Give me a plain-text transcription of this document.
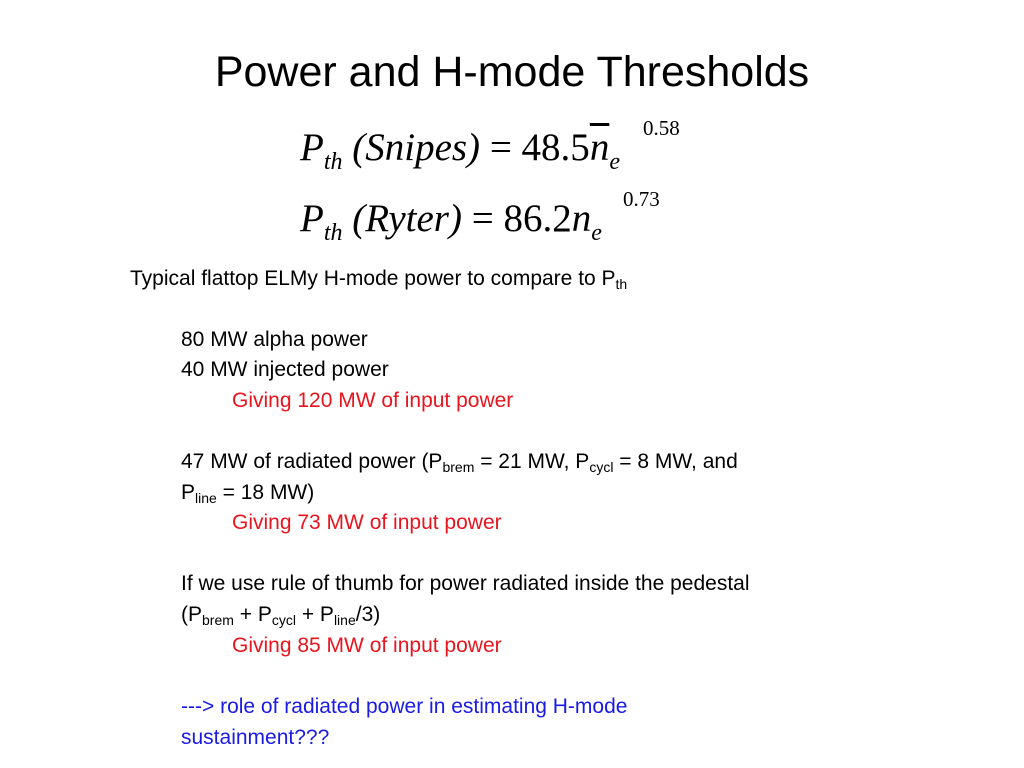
Power and H-mode Thresholds
$P_{th}$ (Snipes) = $48.5\overline{n}_e$
0.58
$P_{th}$ (Ryter) = $86.2n_e$
0.73
Typical flattop ELMy H-mode power to compare to $P_{th}$
80 MW alpha power
40 MW injected power
Giving 120 MW of input power
47 MW of radiated power ($P_{brem} = 21$ MW, $P_{cycl} = 8$ MW, and
$P_{line} = 18$ MW)
Giving 73 MW of input power
If we use rule of thumb for power radiated inside the pedestal
$(P_{brem} + P_{cycl} + P_{line}/3)$
Giving 85 MW of input power
---> role of radiated power in estimating H-mode
sustainment???
